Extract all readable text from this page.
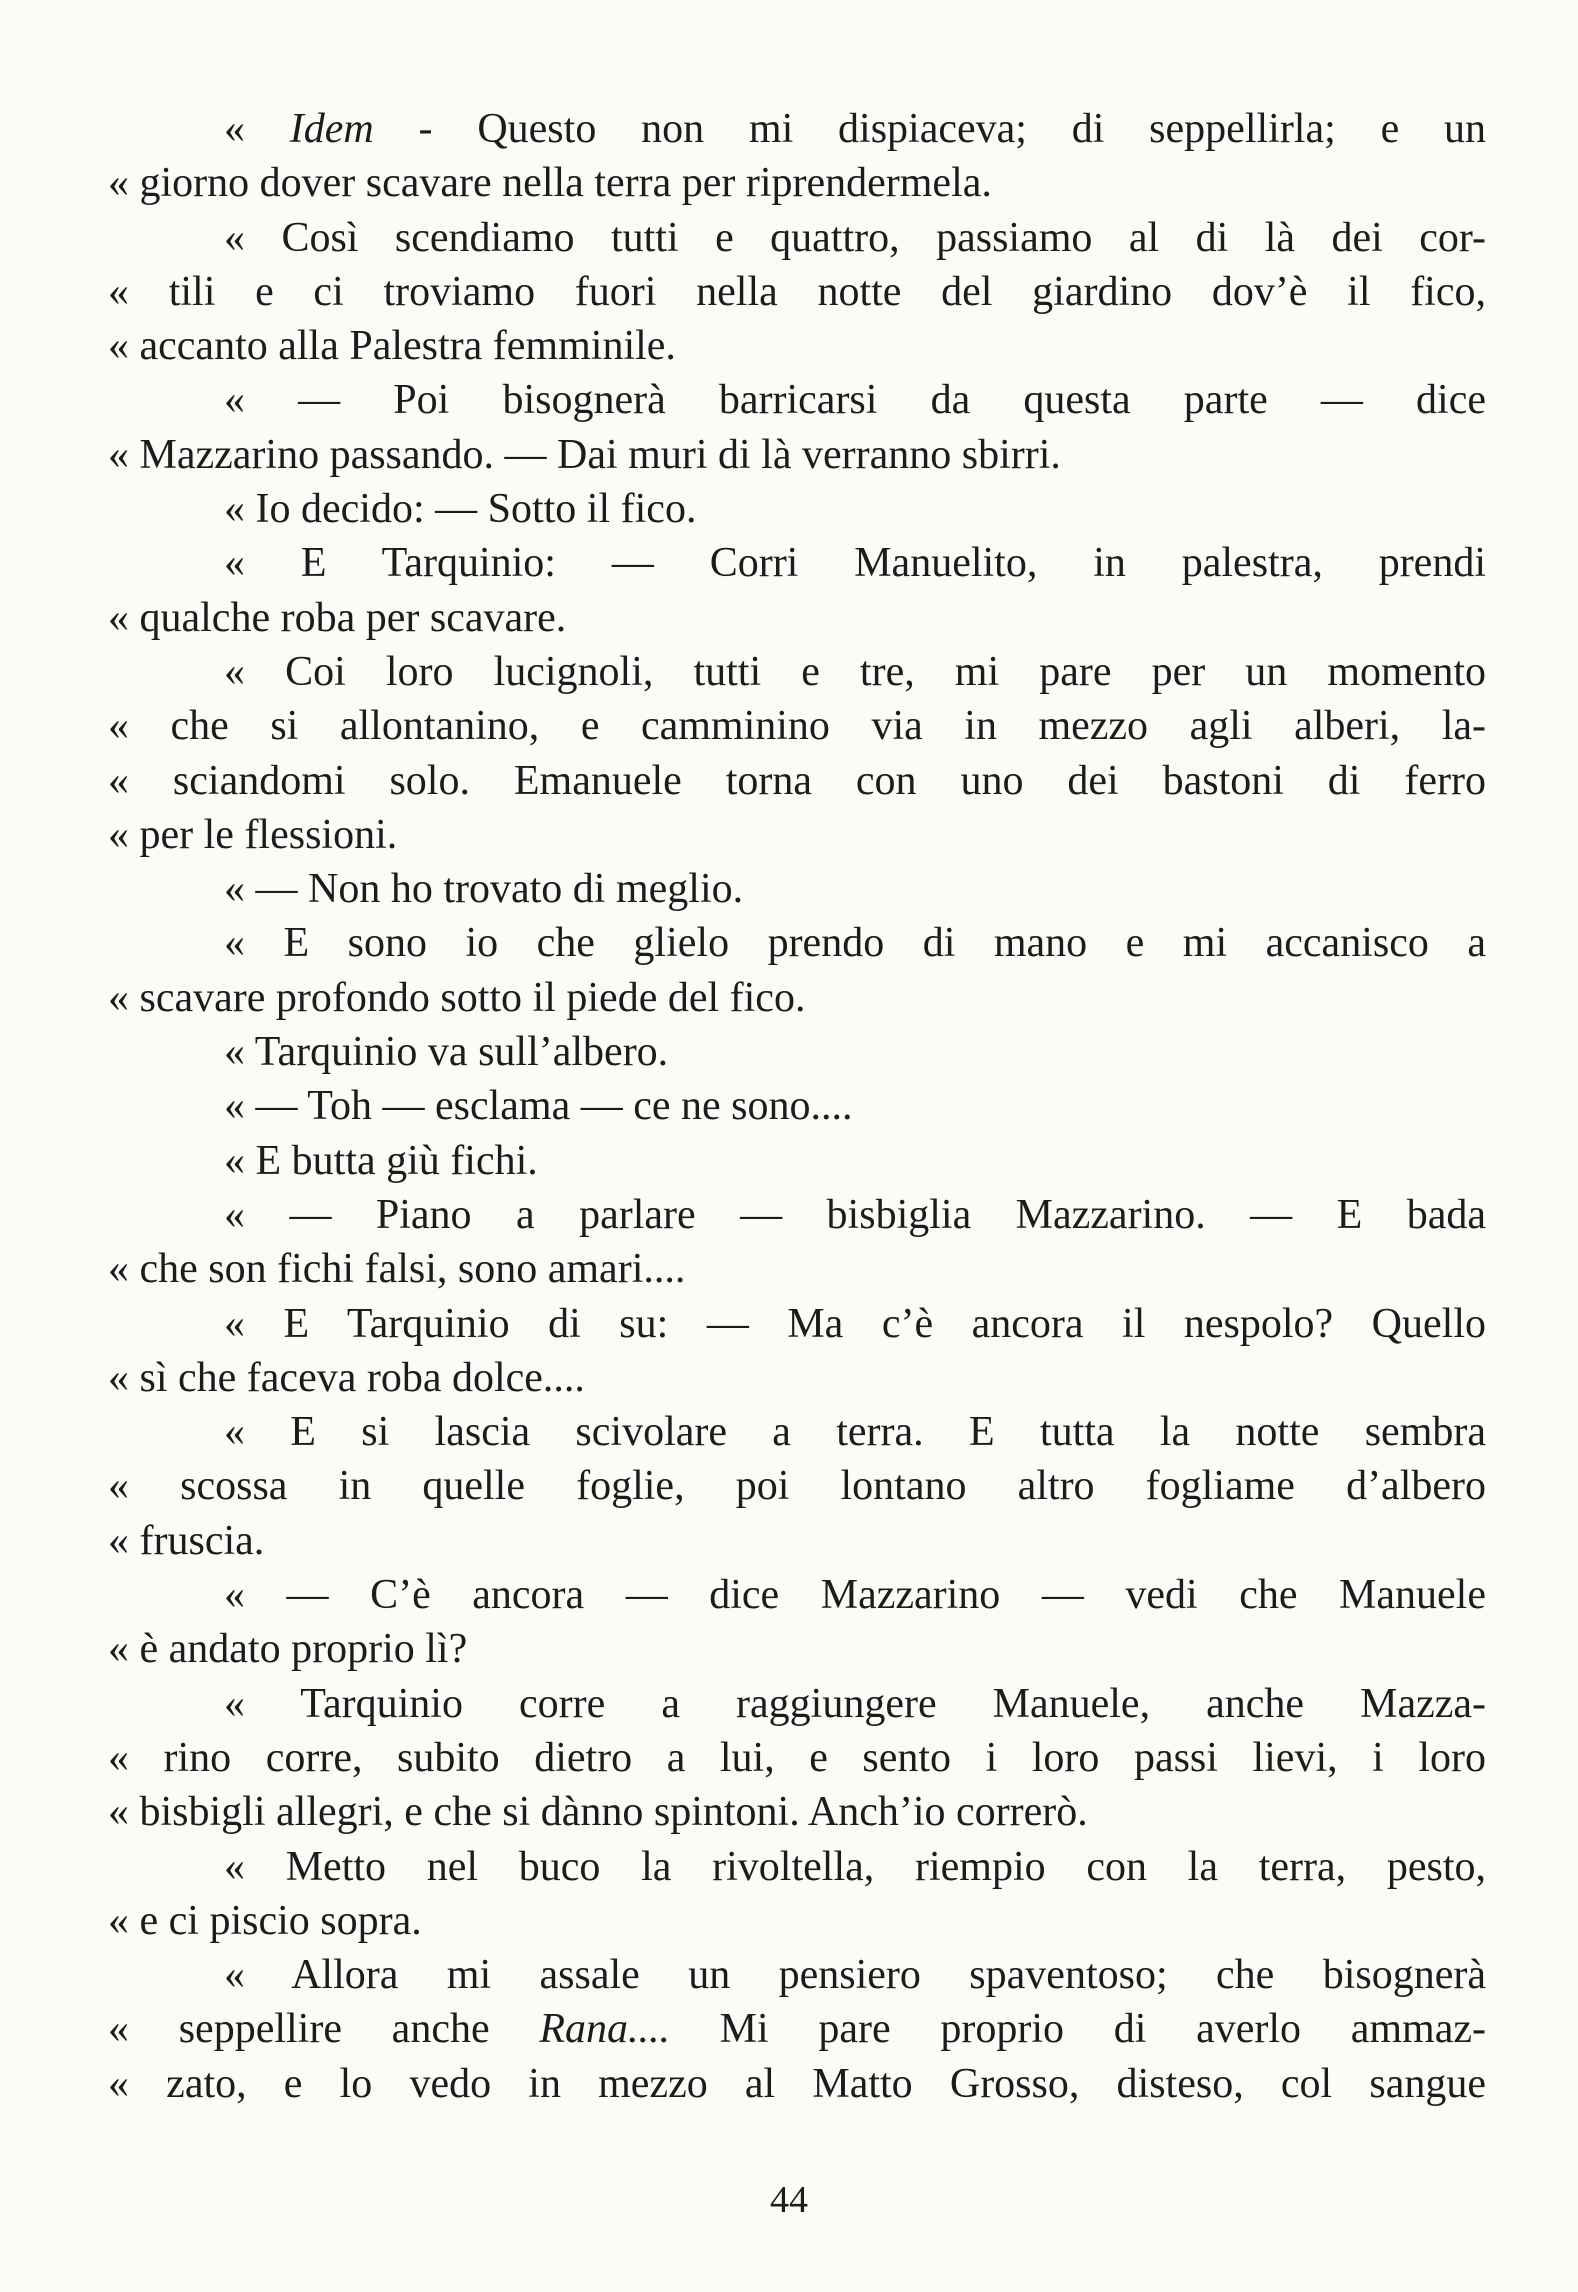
« Idem - Questo non mi dispiaceva; di seppellirla; e un
« giorno dover scavare nella terra per riprendermela.
« Così scendiamo tutti e quattro, passiamo al di là dei cor-
« tili e ci troviamo fuori nella notte del giardino dov’è il fico,
« accanto alla Palestra femminile.
« — Poi bisognerà barricarsi da questa parte — dice
« Mazzarino passando. — Dai muri di là verranno sbirri.
« Io decido: — Sotto il fico.
« E Tarquinio: — Corri Manuelito, in palestra, prendi
« qualche roba per scavare.
« Coi loro lucignoli, tutti e tre, mi pare per un momento
« che si allontanino, e camminino via in mezzo agli alberi, la-
« sciandomi solo. Emanuele torna con uno dei bastoni di ferro
« per le flessioni.
« — Non ho trovato di meglio.
« E sono io che glielo prendo di mano e mi accanisco a
« scavare profondo sotto il piede del fico.
« Tarquinio va sull’albero.
« — Toh — esclama — ce ne sono....
« E butta giù fichi.
« — Piano a parlare — bisbiglia Mazzarino. — E bada
« che son fichi falsi, sono amari....
« E Tarquinio di su: — Ma c’è ancora il nespolo? Quello
« sì che faceva roba dolce....
« E si lascia scivolare a terra. E tutta la notte sembra
« scossa in quelle foglie, poi lontano altro fogliame d’albero
« fruscia.
« — C’è ancora — dice Mazzarino — vedi che Manuele
« è andato proprio lì?
« Tarquinio corre a raggiungere Manuele, anche Mazza-
« rino corre, subito dietro a lui, e sento i loro passi lievi, i loro
« bisbigli allegri, e che si dànno spintoni. Anch’io correrò.
« Metto nel buco la rivoltella, riempio con la terra, pesto,
« e ci piscio sopra.
« Allora mi assale un pensiero spaventoso; che bisognerà
« seppellire anche Rana.... Mi pare proprio di averlo ammaz-
« zato, e lo vedo in mezzo al Matto Grosso, disteso, col sangue
44
